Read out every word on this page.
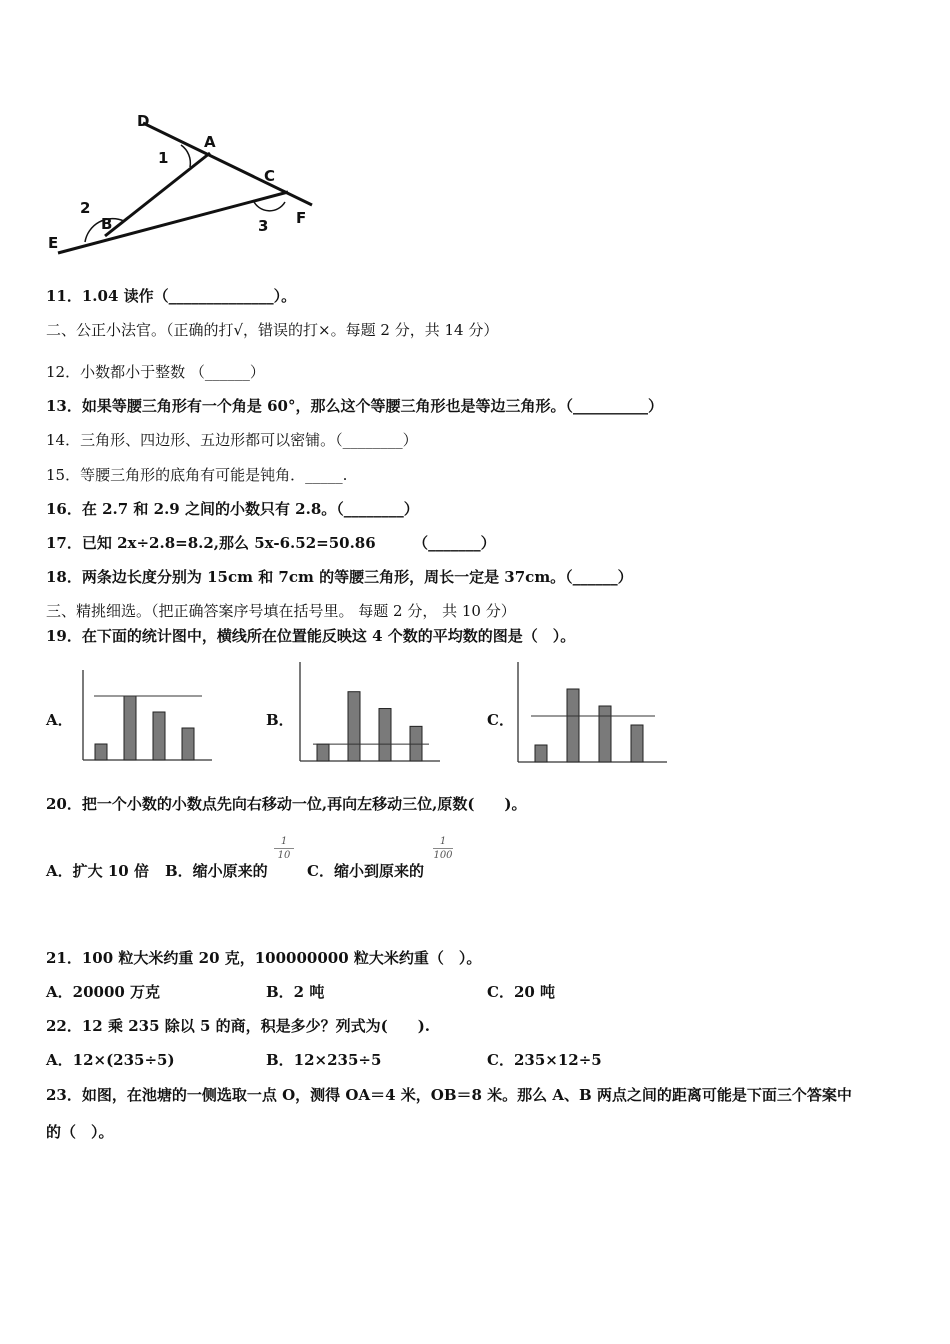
D
A
C
F
B
E
1
2
3
11．1.04 读作（______________）。
二、公正小法官。（正确的打√，错误的打×。每题 2 分，共 14 分）
12．小数都小于整数 （______）
13．如果等腰三角形有一个角是 60°，那么这个等腰三角形也是等边三角形。（__________）
14．三角形、四边形、五边形都可以密铺。（________）
15．等腰三角形的底角有可能是钝角．_____.
16．在 2.7 和 2.9 之间的小数只有 2.8。（________）
17．已知 2x÷2.8=8.2,那么 5x-6.52=50.86　　　（_______）
18．两条边长度分别为 15cm 和 7cm 的等腰三角形，周长一定是 37cm。（______）
三、精挑细选。（把正确答案序号填在括号里。 每题 2 分， 共 10 分）
19．在下面的统计图中，横线所在位置能反映这 4 个数的平均数的图是（　）。
A．	B．	C．
20．把一个小数的小数点先向右移动一位,再向左移动三位,原数(　　)。
A．扩大 10 倍 B．缩小原来的
1
10
C．缩小到原来的
1
100
21．100 粒大米约重 20 克，100000000 粒大米约重（　）。
A．20000 万克	B．2 吨	C．20 吨
22．12 乘 235 除以 5 的商，积是多少？列式为(　　).
A．12×(235÷5)	B．12×235÷5	C．235×12÷5
23．如图，在池塘的一侧选取一点 O，测得 OA＝4 米，OB＝8 米。那么 A、B 两点之间的距离可能是下面三个答案中
的（　）。
